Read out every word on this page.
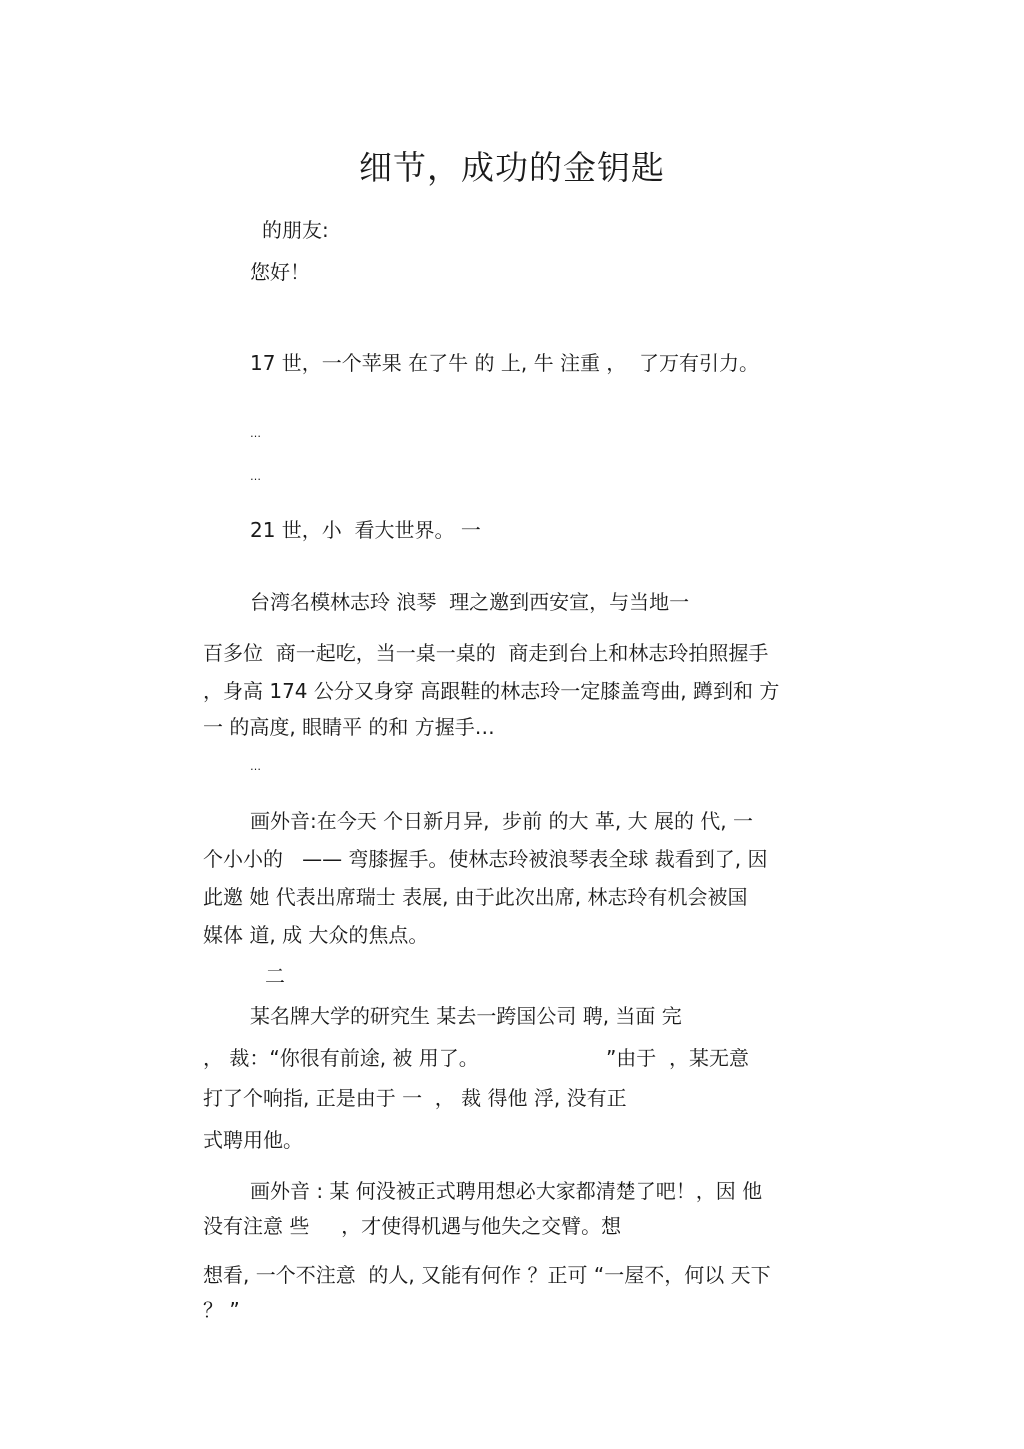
细节，成功的金钥匙
的朋友:
您好！
17 世，一个苹果 在了牛 的 上, 牛 注重 ，  了万有引力。
…
…
21 世，小  看大世界。 一
台湾名模林志玲 浪琴  理之邀到西安宣，与当地一
百多位  商一起吃，当一桌一桌的  商走到台上和林志玲拍照握手
，身高 174 公分又身穿 高跟鞋的林志玲一定膝盖弯曲, 蹲到和 方
一 的高度, 眼睛平 的和 方握手…
…
画外音:在今天 个日新月异,  步前 的大 革, 大 展的 代, 一
个小小的   —— 弯膝握手。使林志玲被浪琴表全球 裁看到了, 因
此邀 她 代表出席瑞士 表展, 由于此次出席, 林志玲有机会被国
媒体 道, 成 大众的焦点。
二
某名牌大学的研究生 某去一跨国公司 聘, 当面 完
， 裁：“你很有前途, 被 用了。                    ”由于  ，某无意
打了个响指, 正是由于 一  ， 裁 得他 浮, 没有正
式聘用他。
画外音 : 某 何没被正式聘用想必大家都清楚了吧！，因 他
没有注意 些     ，才使得机遇与他失之交臂。想
想看, 一个不注意  的人, 又能有何作 ？正可 “一屋不，何以 天下
？ ”
